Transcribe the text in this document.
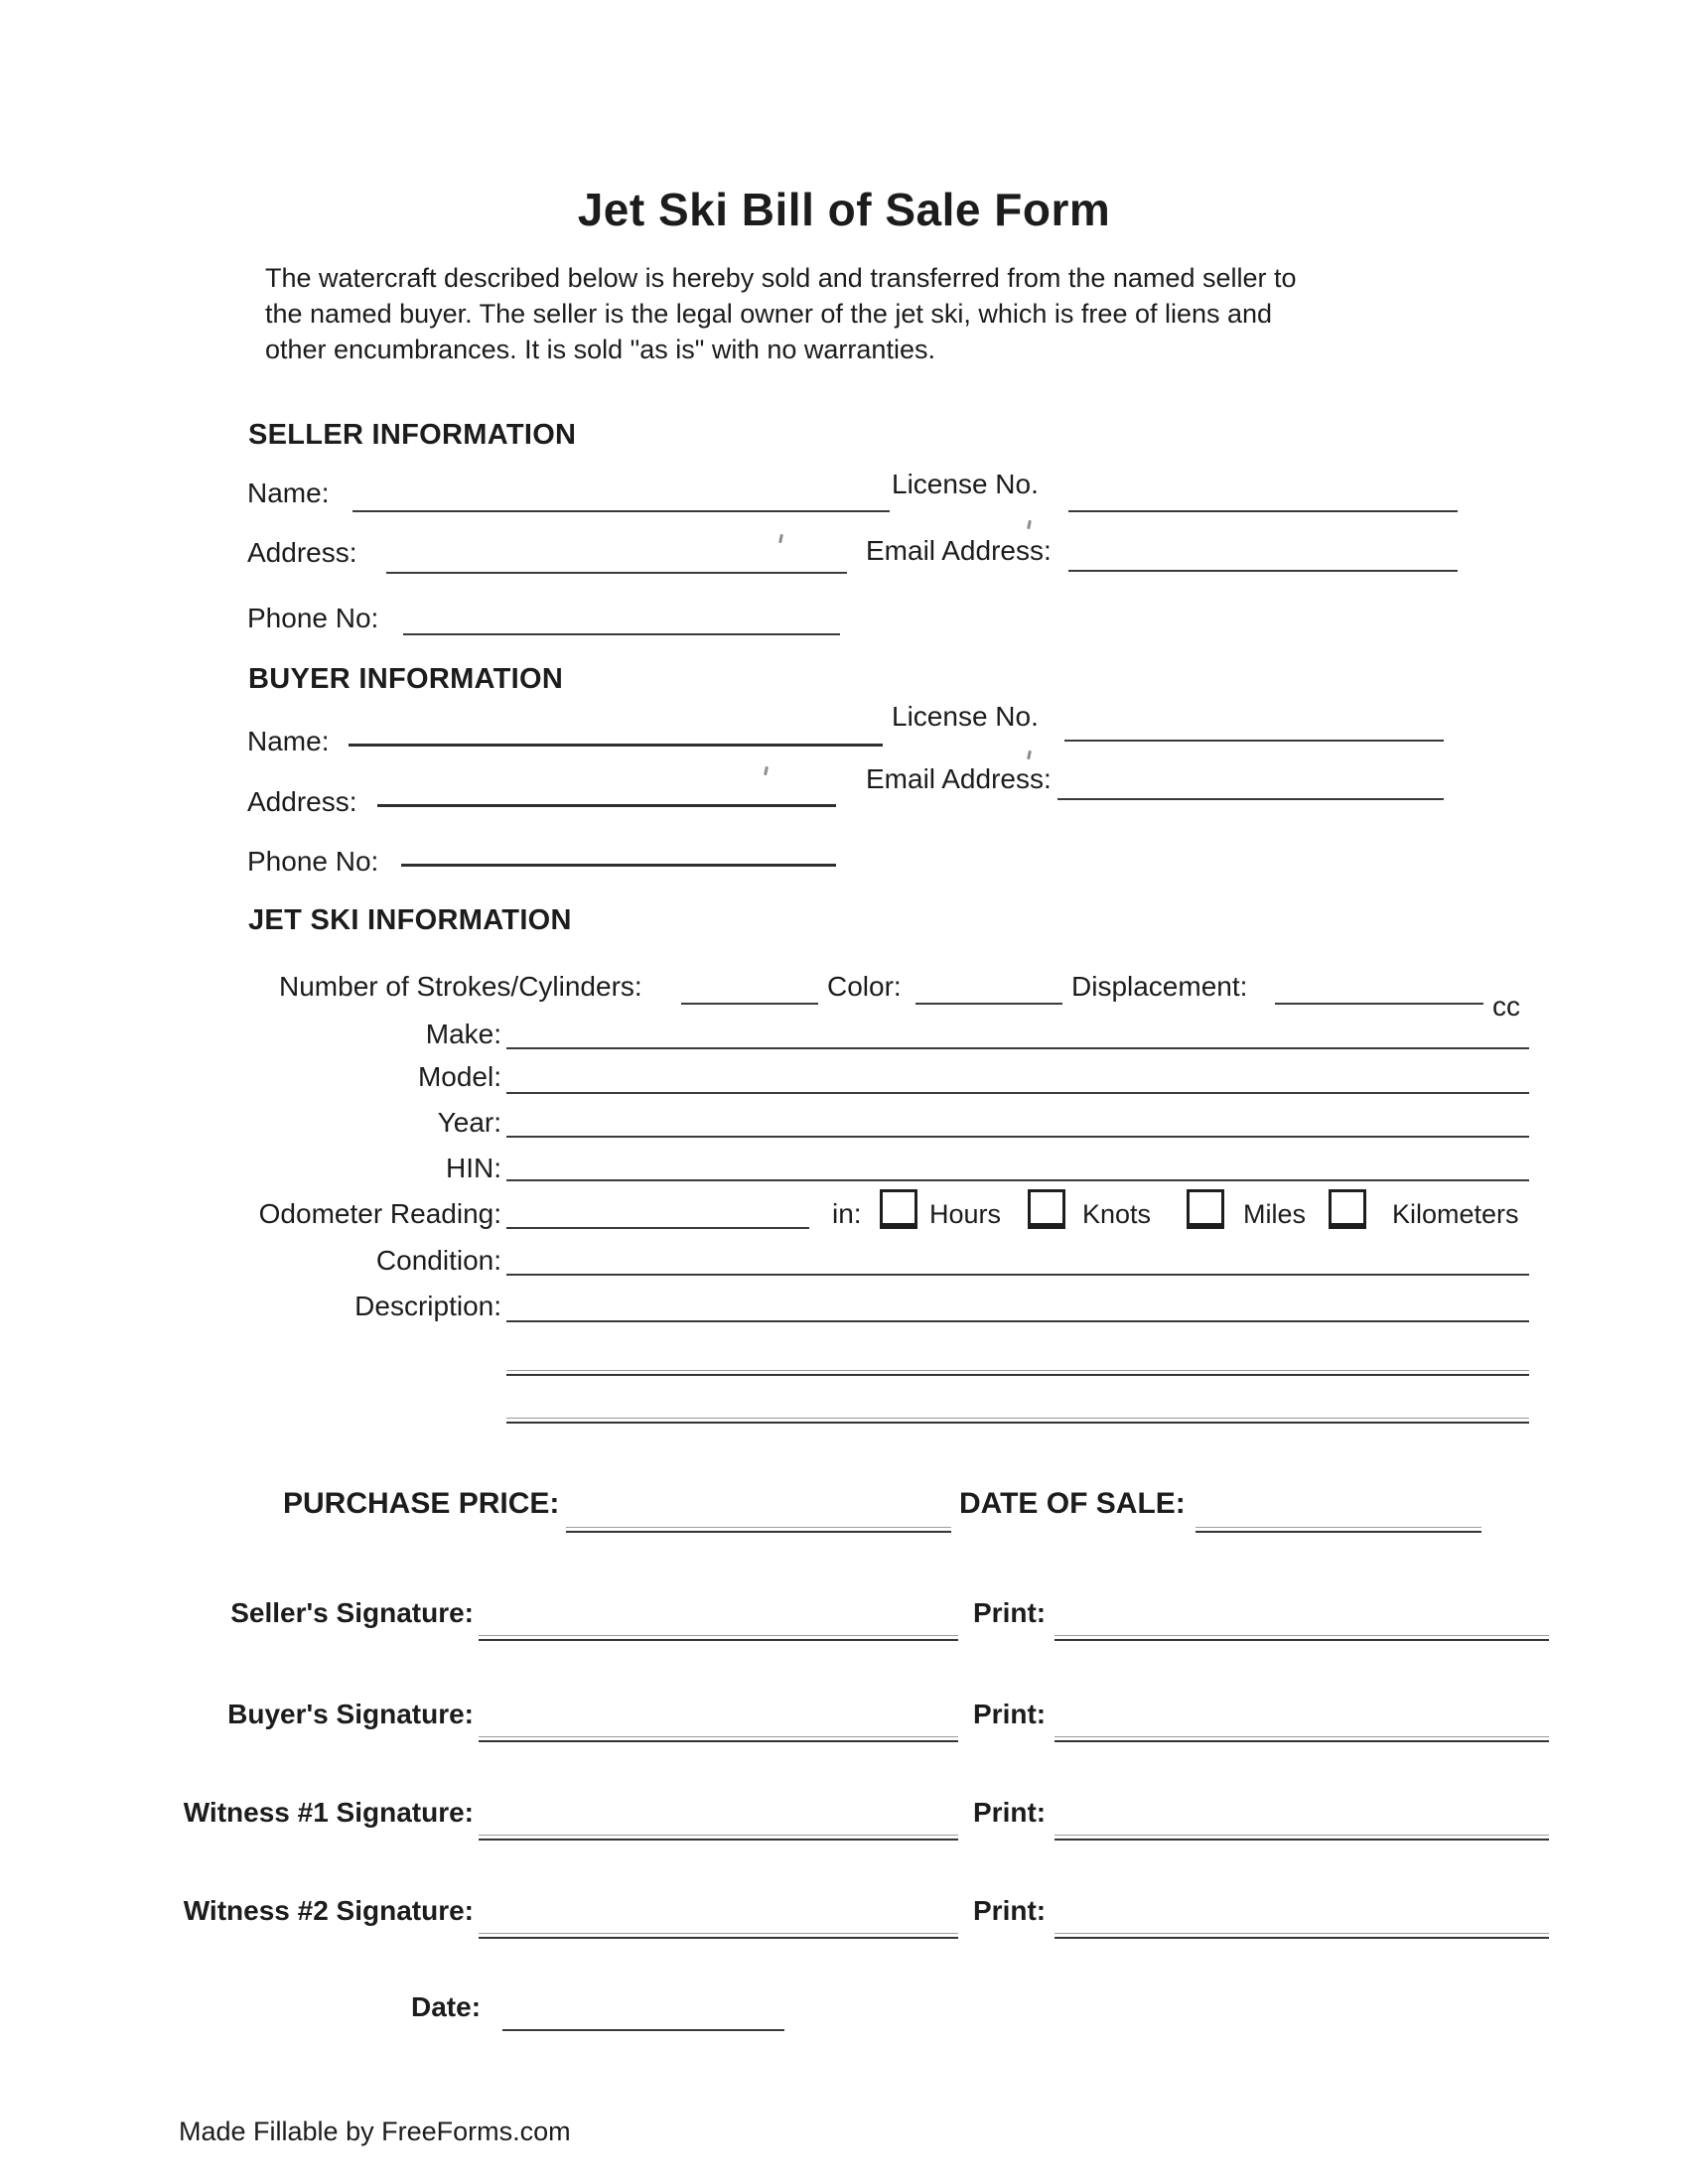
Jet Ski Bill of Sale Form
The watercraft described below is hereby sold and transferred from the named seller to
the named buyer. The seller is the legal owner of the jet ski, which is free of liens and
other encumbrances. It is sold "as is" with no warranties.
SELLER INFORMATION
Name:	License No.
Address:	Email Address:
Phone No:
BUYER INFORMATION
Name:
License No.
Address:
Email Address:
Phone No:
JET SKI INFORMATION
Number of Strokes/Cylinders:	Color:	Displacement:
cc
Make:
Model:
Year:
HIN:
Odometer Reading:	in:	Hours	Knots	Miles	Kilometers
Condition:
Description:
PURCHASE PRICE:	DATE OF SALE:
Seller's Signature:	Print:
Buyer's Signature:	Print:
Witness #1 Signature:	Print:
Witness #2 Signature:	Print:
Date:
Made Fillable by FreeForms.com
